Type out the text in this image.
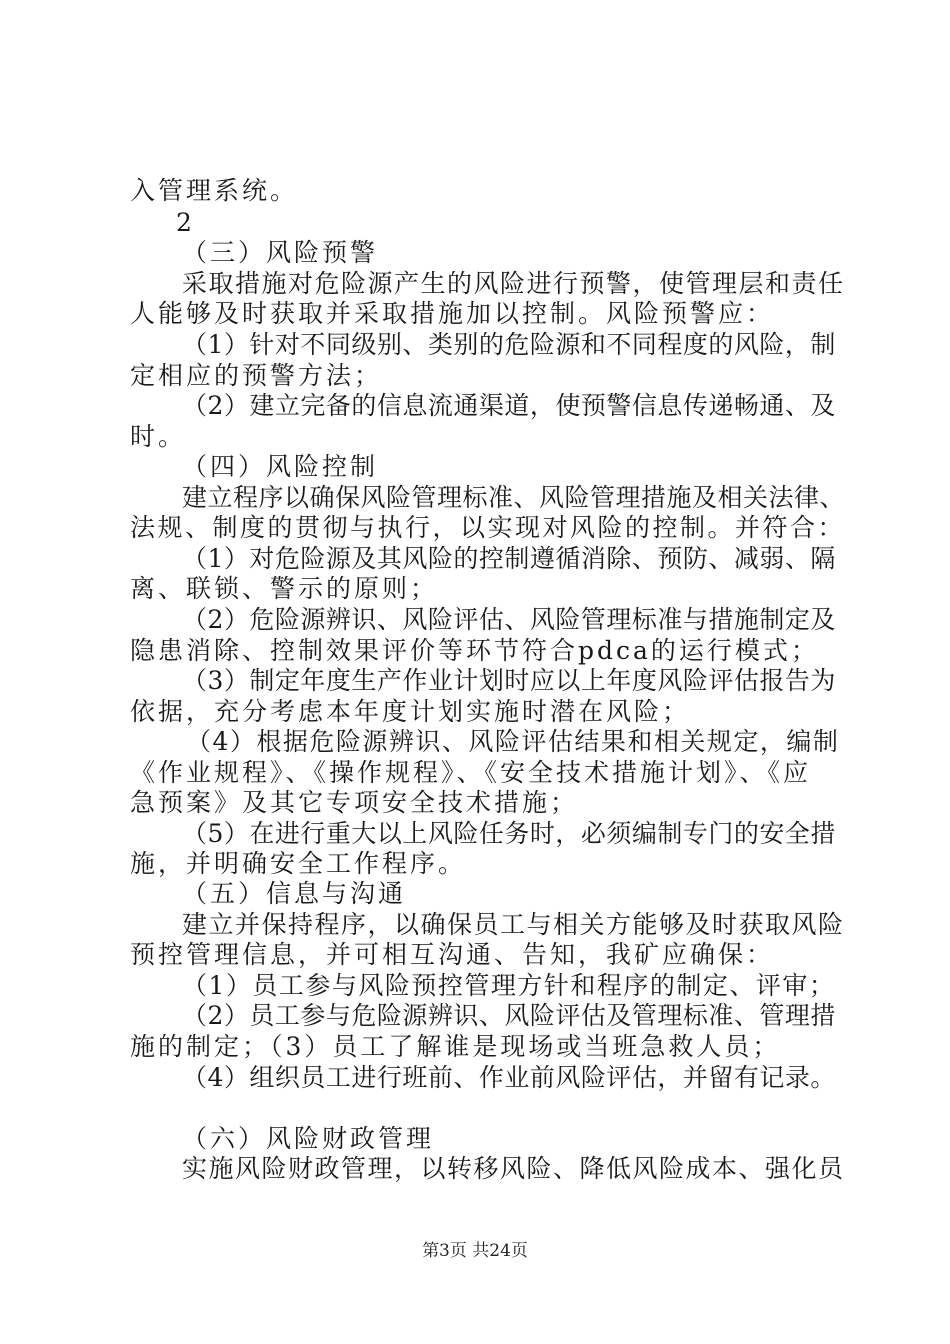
入管理系统。
2
（三）风险预警
采取措施对危险源产生的风险进行预警，使管理层和责任
人能够及时获取并采取措施加以控制。风险预警应：
（1）针对不同级别、类别的危险源和不同程度的风险，制
定相应的预警方法；
（2）建立完备的信息流通渠道，使预警信息传递畅通、及
时。
（四）风险控制
建立程序以确保风险管理标准、风险管理措施及相关法律、
法规、制度的贯彻与执行，以实现对风险的控制。并符合：
（1）对危险源及其风险的控制遵循消除、预防、减弱、隔
离、联锁、警示的原则；
（2）危险源辨识、风险评估、风险管理标准与措施制定及
隐患消除、控制效果评价等环节符合pdca的运行模式；
（3）制定年度生产作业计划时应以上年度风险评估报告为
依据，充分考虑本年度计划实施时潜在风险；
（4）根据危险源辨识、风险评估结果和相关规定，编制
《作业规程》、《操作规程》、《安全技术措施计划》、《应
急预案》及其它专项安全技术措施；
（5）在进行重大以上风险任务时，必须编制专门的安全措
施，并明确安全工作程序。
（五）信息与沟通
建立并保持程序，以确保员工与相关方能够及时获取风险
预控管理信息，并可相互沟通、告知，我矿应确保：
（1）员工参与风险预控管理方针和程序的制定、评审；
（2）员工参与危险源辨识、风险评估及管理标准、管理措
施的制定；（3）员工了解谁是现场或当班急救人员；
（4）组织员工进行班前、作业前风险评估，并留有记录。
（六）风险财政管理
实施风险财政管理，以转移风险、降低风险成本、强化员
第3页 共24页
